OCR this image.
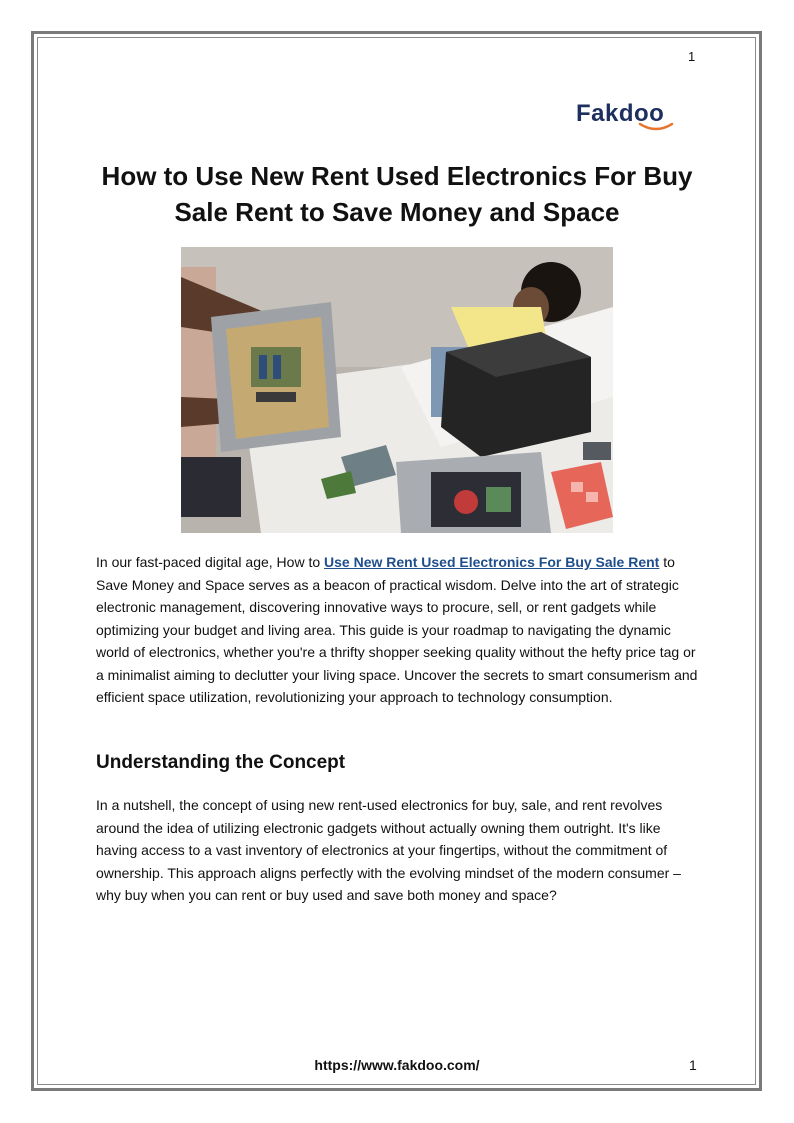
1
Fakdoo
How to Use New Rent Used Electronics For Buy Sale Rent to Save Money and Space
In our fast-paced digital age, How to Use New Rent Used Electronics For Buy Sale Rent to Save Money and Space serves as a beacon of practical wisdom. Delve into the art of strategic electronic management, discovering innovative ways to procure, sell, or rent gadgets while optimizing your budget and living area. This guide is your roadmap to navigating the dynamic world of electronics, whether you're a thrifty shopper seeking quality without the hefty price tag or a minimalist aiming to declutter your living space. Uncover the secrets to smart consumerism and efficient space utilization, revolutionizing your approach to technology consumption.
Understanding the Concept
In a nutshell, the concept of using new rent-used electronics for buy, sale, and rent revolves around the idea of utilizing electronic gadgets without actually owning them outright. It's like having access to a vast inventory of electronics at your fingertips, without the commitment of ownership. This approach aligns perfectly with the evolving mindset of the modern consumer – why buy when you can rent or buy used and save both money and space?
https://www.fakdoo.com/	1
